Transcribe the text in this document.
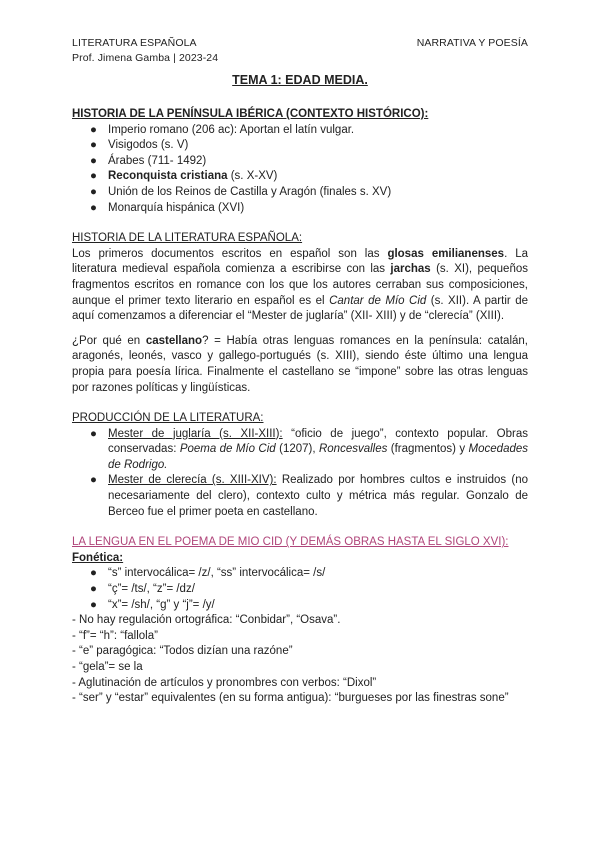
LITERATURA ESPAÑOLA
Prof. Jimena Gamba | 2023-24
NARRATIVA Y POESÍA
TEMA 1: EDAD MEDIA.
HISTORIA DE LA PENÍNSULA IBÉRICA (CONTEXTO HISTÓRICO):
● Imperio romano (206 ac): Aportan el latín vulgar.
● Visigodos (s. V)
● Árabes (711- 1492)
● Reconquista cristiana (s. X-XV)
● Unión de los Reinos de Castilla y Aragón (finales s. XV)
● Monarquía hispánica (XVI)
HISTORIA DE LA LITERATURA ESPAÑOLA:

Los primeros documentos escritos en español son las glosas emilianenses. La literatura medieval española comienza a escribirse con las jarchas (s. XI), pequeños fragmentos escritos en romance con los que los autores cerraban sus composiciones, aunque el primer texto literario en español es el Cantar de Mío Cid (s. XII). A partir de aquí comenzamos a diferenciar el “Mester de juglaría” (XII- XIII) y de “clerecía” (XIII).

¿Por qué en castellano? = Había otras lenguas romances en la península: catalán, aragonés, leonés, vasco y gallego-portugués (s. XIII), siendo éste último una lengua propia para poesía lírica. Finalmente el castellano se “impone” sobre las otras lenguas por razones políticas y lingüísticas.

PRODUCCIÓN DE LA LITERATURA:
● Mester de juglaría (s. XII-XIII): “oficio de juego”, contexto popular. Obras conservadas: Poema de Mío Cid (1207), Roncesvalles (fragmentos) y Mocedades de Rodrigo.
● Mester de clerecía (s. XIII-XIV): Realizado por hombres cultos e instruidos (no necesariamente del clero), contexto culto y métrica más regular. Gonzalo de Berceo fue el primer poeta en castellano.
LA LENGUA EN EL POEMA DE MIO CID (Y DEMÁS OBRAS HASTA EL SIGLO XVI):
Fonética:
● “s” intervocálica= /z/, “ss” intervocálica= /s/
● “ç”= /ts/, “z”= /dz/
● “x”= /sh/, “g” y “j”= /y/
- No hay regulación ortográfica: “Conbidar”, “Osava”.
- “f”= “h”: “fallola”
- “e” paragógica: “Todos dizían una razóne”
- “gela”= se la
- Aglutinación de artículos y pronombres con verbos: “Dixol”

- “ser” y “estar” equivalentes (en su forma antigua): “burgueses por las finestras sone”
